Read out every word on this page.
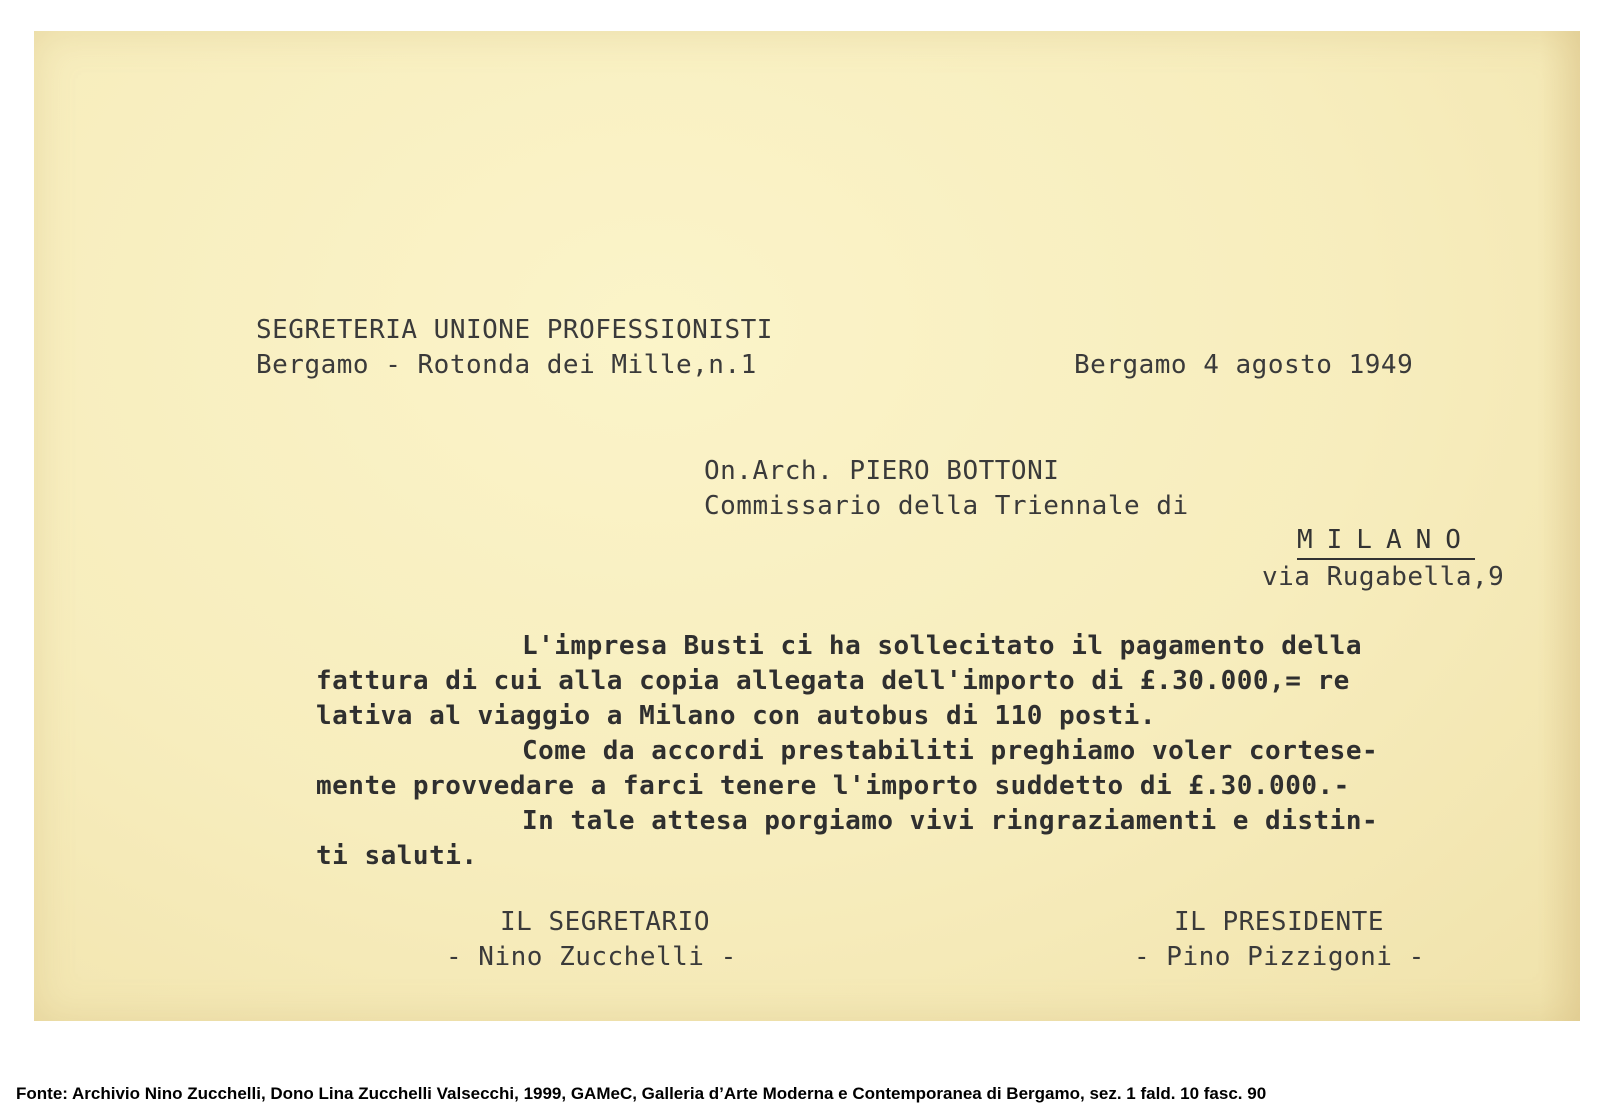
SEGRETERIA UNIONE PROFESSIONISTI
Bergamo - Rotonda dei Mille,n.1	Bergamo 4 agosto 1949
On.Arch. PIERO BOTTONI
Commissario della Triennale di
MILANO
via Rugabella,9
L'impresa Busti ci ha sollecitato il pagamento della
fattura di cui alla copia allegata dell'importo di £.30.000,= re
lativa al viaggio a Milano con autobus di 110 posti.
Come da accordi prestabiliti preghiamo voler cortese-
mente provvedare a farci tenere l'importo suddetto di £.30.000.-
In tale attesa porgiamo vivi ringraziamenti e distin-
ti saluti.
IL SEGRETARIO
- Nino Zucchelli -
IL PRESIDENTE
- Pino Pizzigoni -
Fonte: Archivio Nino Zucchelli, Dono Lina Zucchelli Valsecchi, 1999, GAMeC, Galleria d’Arte Moderna e Contemporanea di Bergamo, sez. 1 fald. 10 fasc. 90
